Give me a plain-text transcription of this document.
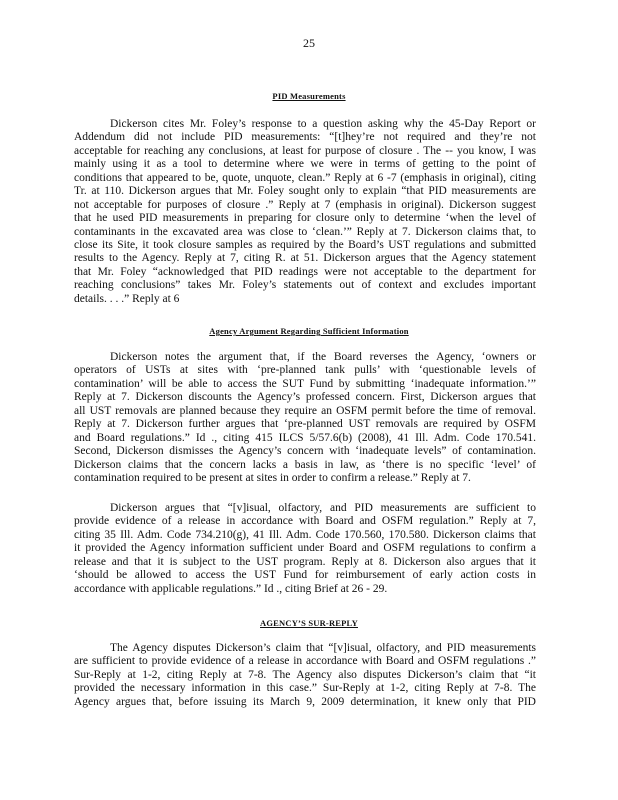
25
PID Measurements
Dickerson cites Mr. Foley’s response to a question asking why the 45-Day Report or
Addendum did not include PID measurements: “[t]hey’re not required and they’re not
acceptable for reaching any conclusions, at least for purpose of closure . The -- you know, I was
mainly using it as a tool to determine where we were in terms of getting to the point of
conditions that appeared to be, quote, unquote, clean.” Reply at 6 -7 (emphasis in original), citing
Tr. at 110. Dickerson argues that Mr. Foley sought only to explain “that PID measurements are
not acceptable for purposes of closure .” Reply at 7 (emphasis in original). Dickerson suggest
that he used PID measurements in preparing for closure only to determine ‘when the level of
contaminants in the excavated area was close to ‘clean.’” Reply at 7. Dickerson claims that, to
close its Site, it took closure samples as required by the Board’s UST regulations and submitted
results to the Agency. Reply at 7, citing R. at 51. Dickerson argues that the Agency statement
that Mr. Foley “acknowledged that PID readings were not acceptable to the department for
reaching conclusions” takes Mr. Foley’s statements out of context and excludes important
details. . . .” Reply at 6
Agency Argument Regarding Sufficient Information
Dickerson notes the argument that, if the Board reverses the Agency, ‘owners or
operators of USTs at sites with ‘pre-planned tank pulls’ with ‘questionable levels of
contamination’ will be able to access the SUT Fund by submitting ‘inadequate information.’”
Reply at 7. Dickerson discounts the Agency’s professed concern. First, Dickerson argues that
all UST removals are planned because they require an OSFM permit before the time of removal.
Reply at 7. Dickerson further argues that ‘pre-planned UST removals are required by OSFM
and Board regulations.” Id ., citing 415 ILCS 5/57.6(b) (2008), 41 Ill. Adm. Code 170.541.
Second, Dickerson dismisses the Agency’s concern with ‘inadequate levels” of contamination.
Dickerson claims that the concern lacks a basis in law, as ‘there is no specific ‘level’ of
contamination required to be present at sites in order to confirm a release.” Reply at 7.
Dickerson argues that “[v]isual, olfactory, and PID measurements are sufficient to
provide evidence of a release in accordance with Board and OSFM regulation.” Reply at 7,
citing 35 Ill. Adm. Code 734.210(g), 41 Ill. Adm. Code 170.560, 170.580. Dickerson claims that
it provided the Agency information sufficient under Board and OSFM regulations to confirm a
release and that it is subject to the UST program. Reply at 8. Dickerson also argues that it
‘should be allowed to access the UST Fund for reimbursement of early action costs in
accordance with applicable regulations.” Id ., citing Brief at 26 - 29.
AGENCY’S SUR-REPLY
The Agency disputes Dickerson’s claim that “[v]isual, olfactory, and PID measurements
are sufficient to provide evidence of a release in accordance with Board and OSFM regulations .”
Sur-Reply at 1-2, citing Reply at 7-8. The Agency also disputes Dickerson’s claim that “it
provided the necessary information in this case.” Sur-Reply at 1-2, citing Reply at 7-8. The
Agency argues that, before issuing its March 9, 2009 determination, it knew only that PID
